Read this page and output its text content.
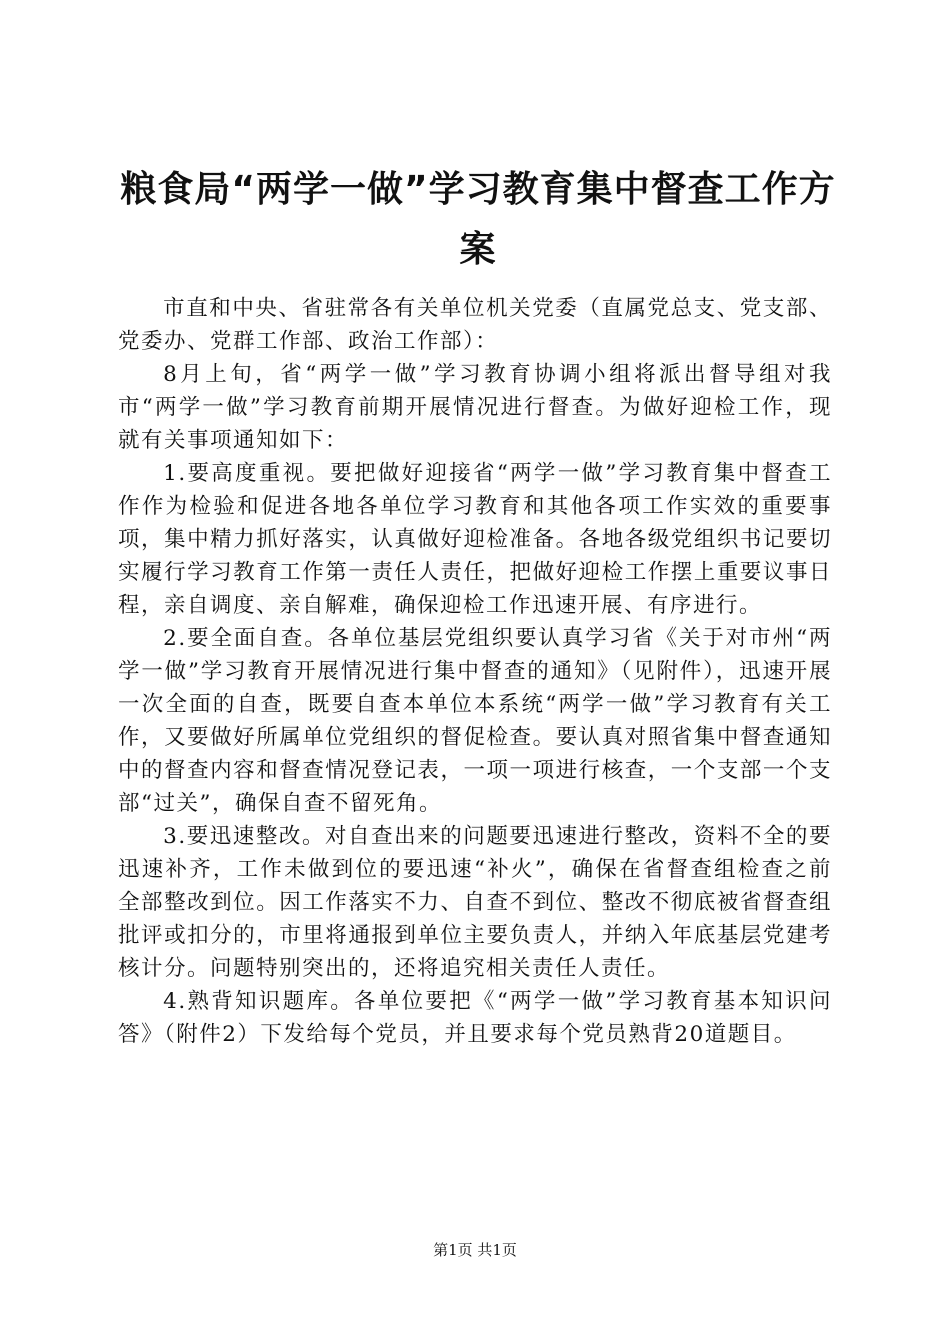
粮食局“两学一做”学习教育集中督查工作方案

市直和中央、省驻常各有关单位机关党委（直属党总支、党支部、党委办、党群工作部、政治工作部）：

8月上旬，省“两学一做”学习教育协调小组将派出督导组对我市“两学一做”学习教育前期开展情况进行督查。为做好迎检工作，现就有关事项通知如下：

1.要高度重视。要把做好迎接省“两学一做”学习教育集中督查工作作为检验和促进各地各单位学习教育和其他各项工作实效的重要事项，集中精力抓好落实，认真做好迎检准备。各地各级党组织书记要切实履行学习教育工作第一责任人责任，把做好迎检工作摆上重要议事日程，亲自调度、亲自解难，确保迎检工作迅速开展、有序进行。

2.要全面自查。各单位基层党组织要认真学习省《关于对市州“两学一做”学习教育开展情况进行集中督查的通知》（见附件），迅速开展一次全面的自查，既要自查本单位本系统“两学一做”学习教育有关工作，又要做好所属单位党组织的督促检查。要认真对照省集中督查通知中的督查内容和督查情况登记表，一项一项进行核查，一个支部一个支部“过关”，确保自查不留死角。

3.要迅速整改。对自查出来的问题要迅速进行整改，资料不全的要迅速补齐，工作未做到位的要迅速“补火”，确保在省督查组检查之前全部整改到位。因工作落实不力、自查不到位、整改不彻底被省督查组批评或扣分的，市里将通报到单位主要负责人，并纳入年底基层党建考核计分。问题特别突出的，还将追究相关责任人责任。

4.熟背知识题库。各单位要把《“两学一做”学习教育基本知识问答》（附件2）下发给每个党员，并且要求每个党员熟背20道题目。

第1页 共1页
